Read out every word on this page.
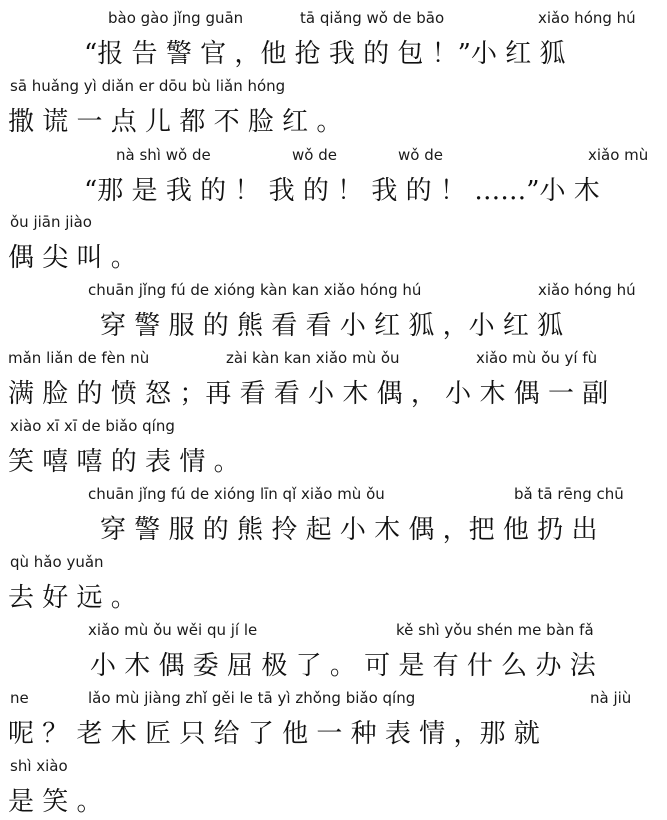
bào gào jǐng guān	tā qiǎng wǒ de bāo	xiǎo hóng hú
“报 告 警 官 ，他 抢 我 的 包 ！”小 红 狐
sā huǎng yì diǎn er dōu bù liǎn hóng
撒 谎 一 点 儿 都 不 脸 红 。
nà shì wǒ de	wǒ de	wǒ de	xiǎo mù
“那 是 我 的 ！ 我 的 ！ 我 的 ！ ……”小 木
ǒu jiān jiào
偶 尖 叫 。
chuān jǐng fú de xióng kàn kan xiǎo hóng hú	xiǎo hóng hú
穿 警 服 的 熊 看 看 小 红 狐 ，小 红 狐
mǎn liǎn de fèn nù	zài kàn kan xiǎo mù ǒu	xiǎo mù ǒu yí fù
满 脸 的 愤 怒 ；再 看 看 小 木 偶 ， 小 木 偶 一 副
xiào xī xī de biǎo qíng
笑 嘻 嘻 的 表 情 。
chuān jǐng fú de xióng līn qǐ xiǎo mù ǒu	bǎ tā rēng chū
穿 警 服 的 熊 拎 起 小 木 偶 ，把 他 扔 出
qù hǎo yuǎn
去 好 远 。
xiǎo mù ǒu wěi qu jí le	kě shì yǒu shén me bàn fǎ
小 木 偶 委 屈 极 了 。 可 是 有 什 么 办 法
ne	lǎo mù jiàng zhǐ gěi le tā yì zhǒng biǎo qíng	nà jiù
呢 ？ 老 木 匠 只 给 了 他 一 种 表 情 ，那 就
shì xiào
是 笑 。
